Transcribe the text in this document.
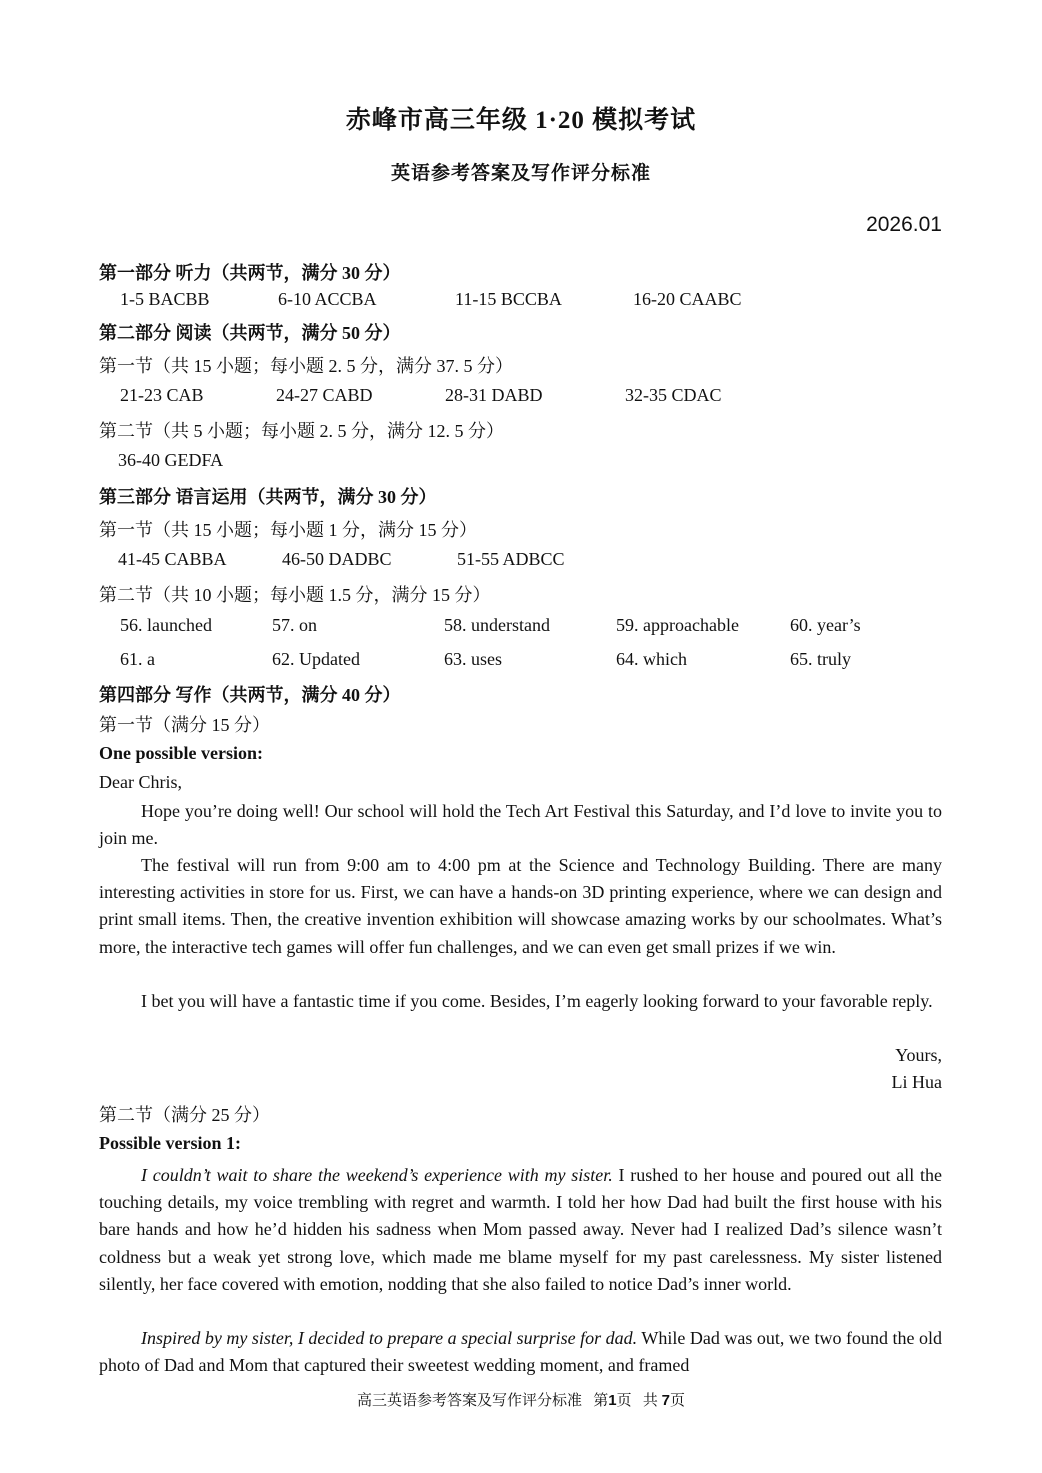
赤峰市高三年级 1·20 模拟考试
英语参考答案及写作评分标准
2026.01
第一部分 听力（共两节，满分 30 分）
1-5 BACBB	6-10 ACCBA	11-15 BCCBA	16-20 CAABC
第二部分 阅读（共两节，满分 50 分）
第一节（共 15 小题；每小题 2. 5 分，满分 37. 5 分）
21-23 CAB	24-27 CABD	28-31 DABD	32-35 CDAC
第二节（共 5 小题；每小题 2. 5 分，满分 12. 5 分）
36-40 GEDFA
第三部分 语言运用（共两节，满分 30 分）
第一节（共 15 小题；每小题 1 分，满分 15 分）
41-45 CABBA	46-50 DADBC	51-55 ADBCC
第二节（共 10 小题；每小题 1.5 分，满分 15 分）
56. launched	57. on	58. understand	59. approachable	60. year’s
61. a	62. Updated	63. uses	64. which	65. truly
第四部分 写作（共两节，满分 40 分）
第一节（满分 15 分）
One possible version:
Dear Chris,
Hope you’re doing well! Our school will hold the Tech Art Festival this Saturday, and I’d love to invite you to join me.
The festival will run from 9:00 am to 4:00 pm at the Science and Technology Building. There are many interesting activities in store for us. First, we can have a hands-on 3D printing experience, where we can design and print small items. Then, the creative invention exhibition will showcase amazing works by our schoolmates. What’s more, the interactive tech games will offer fun challenges, and we can even get small prizes if we win.
I bet you will have a fantastic time if you come. Besides, I’m eagerly looking forward to your favorable reply.
Yours,
Li Hua
第二节（满分 25 分）
Possible version 1:
I couldn’t wait to share the weekend’s experience with my sister. I rushed to her house and poured out all the touching details, my voice trembling with regret and warmth. I told her how Dad had built the first house with his bare hands and how he’d hidden his sadness when Mom passed away. Never had I realized Dad’s silence wasn’t coldness but a weak yet strong love, which made me blame myself for my past carelessness. My sister listened silently, her face covered with emotion, nodding that she also failed to notice Dad’s inner world.
Inspired by my sister, I decided to prepare a special surprise for dad. While Dad was out, we two found the old photo of Dad and Mom that captured their sweetest wedding moment, and framed
高三英语参考答案及写作评分标准 第1页 共 7页
